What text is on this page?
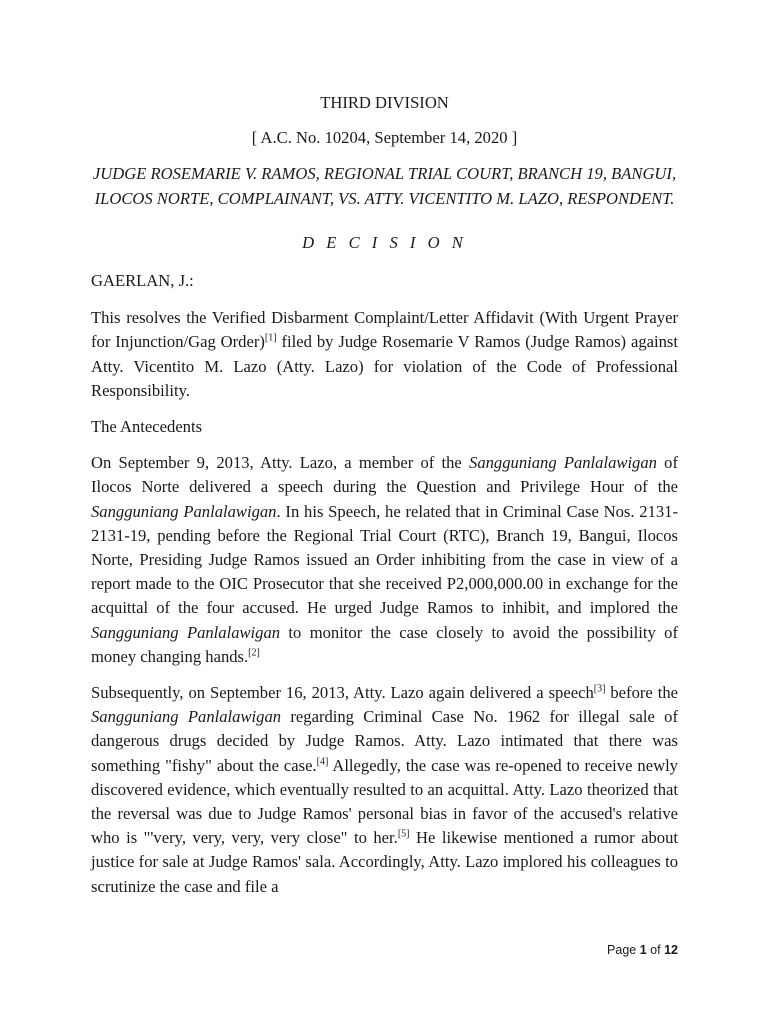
THIRD DIVISION
[ A.C. No. 10204, September 14, 2020 ]
JUDGE ROSEMARIE V. RAMOS, REGIONAL TRIAL COURT, BRANCH 19, BANGUI, ILOCOS NORTE, COMPLAINANT, VS. ATTY. VICENTITO M. LAZO, RESPONDENT.
D E C I S I O N
GAERLAN, J.:

This resolves the Verified Disbarment Complaint/Letter Affidavit (With Urgent Prayer for Injunction/Gag Order)[1] filed by Judge Rosemarie V Ramos (Judge Ramos) against Atty. Vicentito M. Lazo (Atty. Lazo) for violation of the Code of Professional Responsibility.

The Antecedents

On September 9, 2013, Atty. Lazo, a member of the Sangguniang Panlalawigan of Ilocos Norte delivered a speech during the Question and Privilege Hour of the Sangguniang Panlalawigan. In his Speech, he related that in Criminal Case Nos. 2131-2131-19, pending before the Regional Trial Court (RTC), Branch 19, Bangui, Ilocos Norte, Presiding Judge Ramos issued an Order inhibiting from the case in view of a report made to the OIC Prosecutor that she received P2,000,000.00 in exchange for the acquittal of the four accused. He urged Judge Ramos to inhibit, and implored the Sangguniang Panlalawigan to monitor the case closely to avoid the possibility of money changing hands.[2]

Subsequently, on September 16, 2013, Atty. Lazo again delivered a speech[3] before the Sangguniang Panlalawigan regarding Criminal Case No. 1962 for illegal sale of dangerous drugs decided by Judge Ramos. Atty. Lazo intimated that there was something "fishy" about the case.[4] Allegedly, the case was re-opened to receive newly discovered evidence, which eventually resulted to an acquittal. Atty. Lazo theorized that the reversal was due to Judge Ramos' personal bias in favor of the accused's relative who is "'very, very, very, very close" to her.[5] He likewise mentioned a rumor about justice for sale at Judge Ramos' sala. Accordingly, Atty. Lazo implored his colleagues to scrutinize the case and file a

Page 1 of 12
